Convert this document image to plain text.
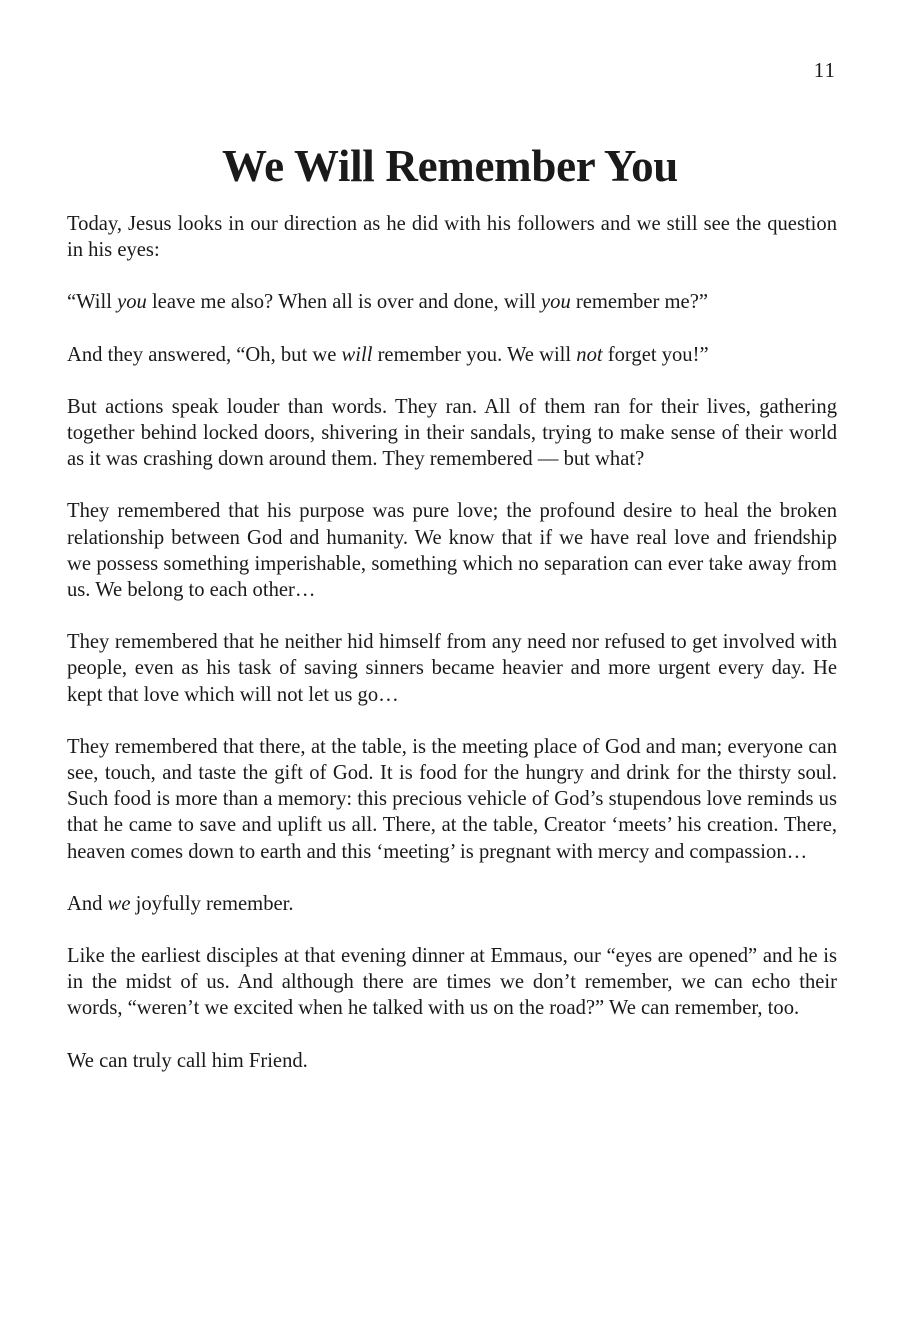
11
We Will Remember You

Today, Jesus looks in our direction as he did with his followers and we still see the question in his eyes:

“Will you leave me also? When all is over and done, will you remember me?”

And they answered, “Oh, but we will remember you. We will not forget you!”

But actions speak louder than words. They ran. All of them ran for their lives, gathering together behind locked doors, shivering in their sandals, trying to make sense of their world as it was crashing down around them. They remembered — but what?

They remembered that his purpose was pure love; the profound desire to heal the broken relationship between God and humanity. We know that if we have real love and friendship we possess something imperishable, something which no separation can ever take away from us. We belong to each other…

They remembered that he neither hid himself from any need nor refused to get involved with people, even as his task of saving sinners became heavier and more urgent every day. He kept that love which will not let us go…

They remembered that there, at the table, is the meeting place of God and man; everyone can see, touch, and taste the gift of God. It is food for the hungry and drink for the thirsty soul. Such food is more than a memory: this precious vehicle of God’s stupendous love reminds us that he came to save and uplift us all. There, at the table, Creator ‘meets’ his creation. There, heaven comes down to earth and this ‘meeting’ is pregnant with mercy and compassion…

And we joyfully remember.

Like the earliest disciples at that evening dinner at Emmaus, our “eyes are opened” and he is in the midst of us. And although there are times we don’t remember, we can echo their words, “weren’t we excited when he talked with us on the road?” We can remember, too.

We can truly call him Friend.
